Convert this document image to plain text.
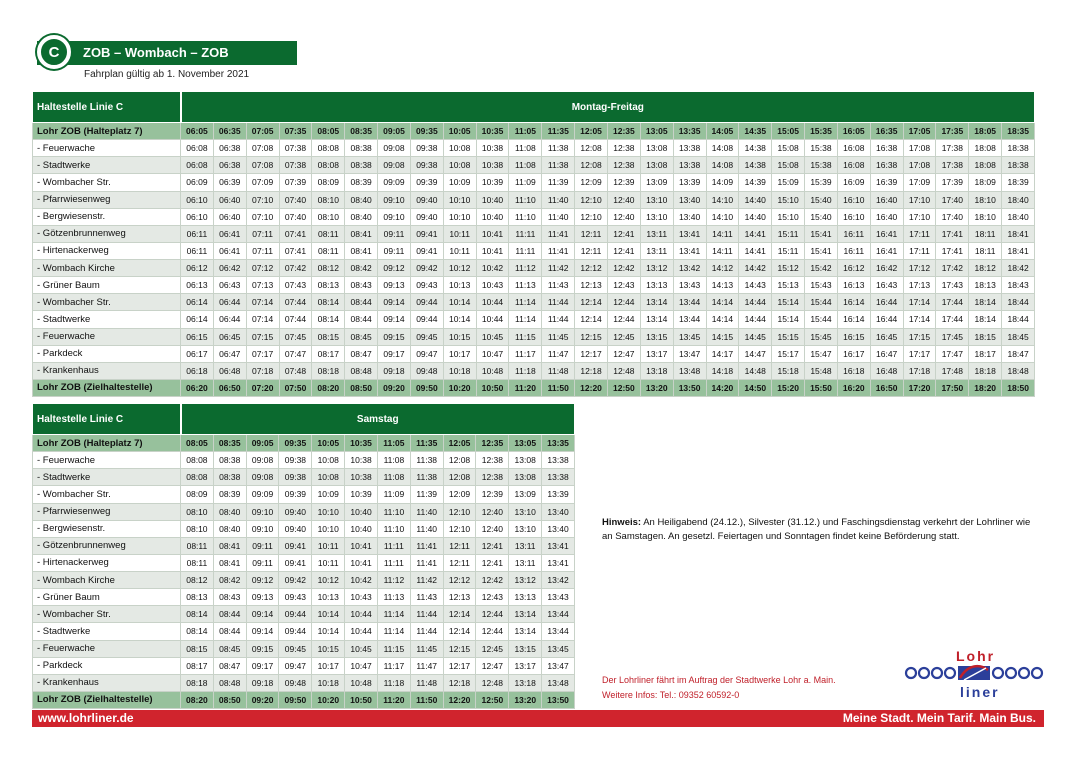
C	ZOB – Wombach – ZOB
Fahrplan gültig ab 1. November 2021
Haltestelle Linie C	Montag-Freitag																									
Lohr ZOB (Halteplatz 7)	06:05	06:35	07:05	07:35	08:05	08:35	09:05	09:35	10:05	10:35	11:05	11:35	12:05	12:35	13:05	13:35	14:05	14:35	15:05	15:35	16:05	16:35	17:05	17:35	18:05	18:35
- Feuerwache	06:08	06:38	07:08	07:38	08:08	08:38	09:08	09:38	10:08	10:38	11:08	11:38	12:08	12:38	13:08	13:38	14:08	14:38	15:08	15:38	16:08	16:38	17:08	17:38	18:08	18:38
- Stadtwerke	06:08	06:38	07:08	07:38	08:08	08:38	09:08	09:38	10:08	10:38	11:08	11:38	12:08	12:38	13:08	13:38	14:08	14:38	15:08	15:38	16:08	16:38	17:08	17:38	18:08	18:38
- Wombacher Str.	06:09	06:39	07:09	07:39	08:09	08:39	09:09	09:39	10:09	10:39	11:09	11:39	12:09	12:39	13:09	13:39	14:09	14:39	15:09	15:39	16:09	16:39	17:09	17:39	18:09	18:39
- Pfarrwiesenweg	06:10	06:40	07:10	07:40	08:10	08:40	09:10	09:40	10:10	10:40	11:10	11:40	12:10	12:40	13:10	13:40	14:10	14:40	15:10	15:40	16:10	16:40	17:10	17:40	18:10	18:40
- Bergwiesenstr.	06:10	06:40	07:10	07:40	08:10	08:40	09:10	09:40	10:10	10:40	11:10	11:40	12:10	12:40	13:10	13:40	14:10	14:40	15:10	15:40	16:10	16:40	17:10	17:40	18:10	18:40
- Götzenbrunnenweg	06:11	06:41	07:11	07:41	08:11	08:41	09:11	09:41	10:11	10:41	11:11	11:41	12:11	12:41	13:11	13:41	14:11	14:41	15:11	15:41	16:11	16:41	17:11	17:41	18:11	18:41
- Hirtenackerweg	06:11	06:41	07:11	07:41	08:11	08:41	09:11	09:41	10:11	10:41	11:11	11:41	12:11	12:41	13:11	13:41	14:11	14:41	15:11	15:41	16:11	16:41	17:11	17:41	18:11	18:41
- Wombach Kirche	06:12	06:42	07:12	07:42	08:12	08:42	09:12	09:42	10:12	10:42	11:12	11:42	12:12	12:42	13:12	13:42	14:12	14:42	15:12	15:42	16:12	16:42	17:12	17:42	18:12	18:42
- Grüner Baum	06:13	06:43	07:13	07:43	08:13	08:43	09:13	09:43	10:13	10:43	11:13	11:43	12:13	12:43	13:13	13:43	14:13	14:43	15:13	15:43	16:13	16:43	17:13	17:43	18:13	18:43
- Wombacher Str.	06:14	06:44	07:14	07:44	08:14	08:44	09:14	09:44	10:14	10:44	11:14	11:44	12:14	12:44	13:14	13:44	14:14	14:44	15:14	15:44	16:14	16:44	17:14	17:44	18:14	18:44
- Stadtwerke	06:14	06:44	07:14	07:44	08:14	08:44	09:14	09:44	10:14	10:44	11:14	11:44	12:14	12:44	13:14	13:44	14:14	14:44	15:14	15:44	16:14	16:44	17:14	17:44	18:14	18:44
- Feuerwache	06:15	06:45	07:15	07:45	08:15	08:45	09:15	09:45	10:15	10:45	11:15	11:45	12:15	12:45	13:15	13:45	14:15	14:45	15:15	15:45	16:15	16:45	17:15	17:45	18:15	18:45
- Parkdeck	06:17	06:47	07:17	07:47	08:17	08:47	09:17	09:47	10:17	10:47	11:17	11:47	12:17	12:47	13:17	13:47	14:17	14:47	15:17	15:47	16:17	16:47	17:17	17:47	18:17	18:47
- Krankenhaus	06:18	06:48	07:18	07:48	08:18	08:48	09:18	09:48	10:18	10:48	11:18	11:48	12:18	12:48	13:18	13:48	14:18	14:48	15:18	15:48	16:18	16:48	17:18	17:48	18:18	18:48
Lohr ZOB (Zielhaltestelle)	06:20	06:50	07:20	07:50	08:20	08:50	09:20	09:50	10:20	10:50	11:20	11:50	12:20	12:50	13:20	13:50	14:20	14:50	15:20	15:50	16:20	16:50	17:20	17:50	18:20	18:50
Haltestelle Linie C	Samstag											
Lohr ZOB (Halteplatz 7)	08:05	08:35	09:05	09:35	10:05	10:35	11:05	11:35	12:05	12:35	13:05	13:35
- Feuerwache	08:08	08:38	09:08	09:38	10:08	10:38	11:08	11:38	12:08	12:38	13:08	13:38
- Stadtwerke	08:08	08:38	09:08	09:38	10:08	10:38	11:08	11:38	12:08	12:38	13:08	13:38
- Wombacher Str.	08:09	08:39	09:09	09:39	10:09	10:39	11:09	11:39	12:09	12:39	13:09	13:39
- Pfarrwiesenweg	08:10	08:40	09:10	09:40	10:10	10:40	11:10	11:40	12:10	12:40	13:10	13:40
- Bergwiesenstr.	08:10	08:40	09:10	09:40	10:10	10:40	11:10	11:40	12:10	12:40	13:10	13:40
- Götzenbrunnenweg	08:11	08:41	09:11	09:41	10:11	10:41	11:11	11:41	12:11	12:41	13:11	13:41
- Hirtenackerweg	08:11	08:41	09:11	09:41	10:11	10:41	11:11	11:41	12:11	12:41	13:11	13:41
- Wombach Kirche	08:12	08:42	09:12	09:42	10:12	10:42	11:12	11:42	12:12	12:42	13:12	13:42
- Grüner Baum	08:13	08:43	09:13	09:43	10:13	10:43	11:13	11:43	12:13	12:43	13:13	13:43
- Wombacher Str.	08:14	08:44	09:14	09:44	10:14	10:44	11:14	11:44	12:14	12:44	13:14	13:44
- Stadtwerke	08:14	08:44	09:14	09:44	10:14	10:44	11:14	11:44	12:14	12:44	13:14	13:44
- Feuerwache	08:15	08:45	09:15	09:45	10:15	10:45	11:15	11:45	12:15	12:45	13:15	13:45
- Parkdeck	08:17	08:47	09:17	09:47	10:17	10:47	11:17	11:47	12:17	12:47	13:17	13:47
- Krankenhaus	08:18	08:48	09:18	09:48	10:18	10:48	11:18	11:48	12:18	12:48	13:18	13:48
Lohr ZOB (Zielhaltestelle)	08:20	08:50	09:20	09:50	10:20	10:50	11:20	11:50	12:20	12:50	13:20	13:50
Hinweis: An Heiligabend (24.12.), Silvester (31.12.) und Faschingsdienstag verkehrt der Lohrliner wie an Samstagen. An gesetzl. Feiertagen und Sonntagen findet keine Beförderung statt.
Der Lohrliner fährt im Auftrag der Stadtwerke Lohr a. Main.
Weitere Infos: Tel.: 09352 60592-0
Lohr
liner
www.lohrliner.de	Meine Stadt. Mein Tarif. Main Bus.
